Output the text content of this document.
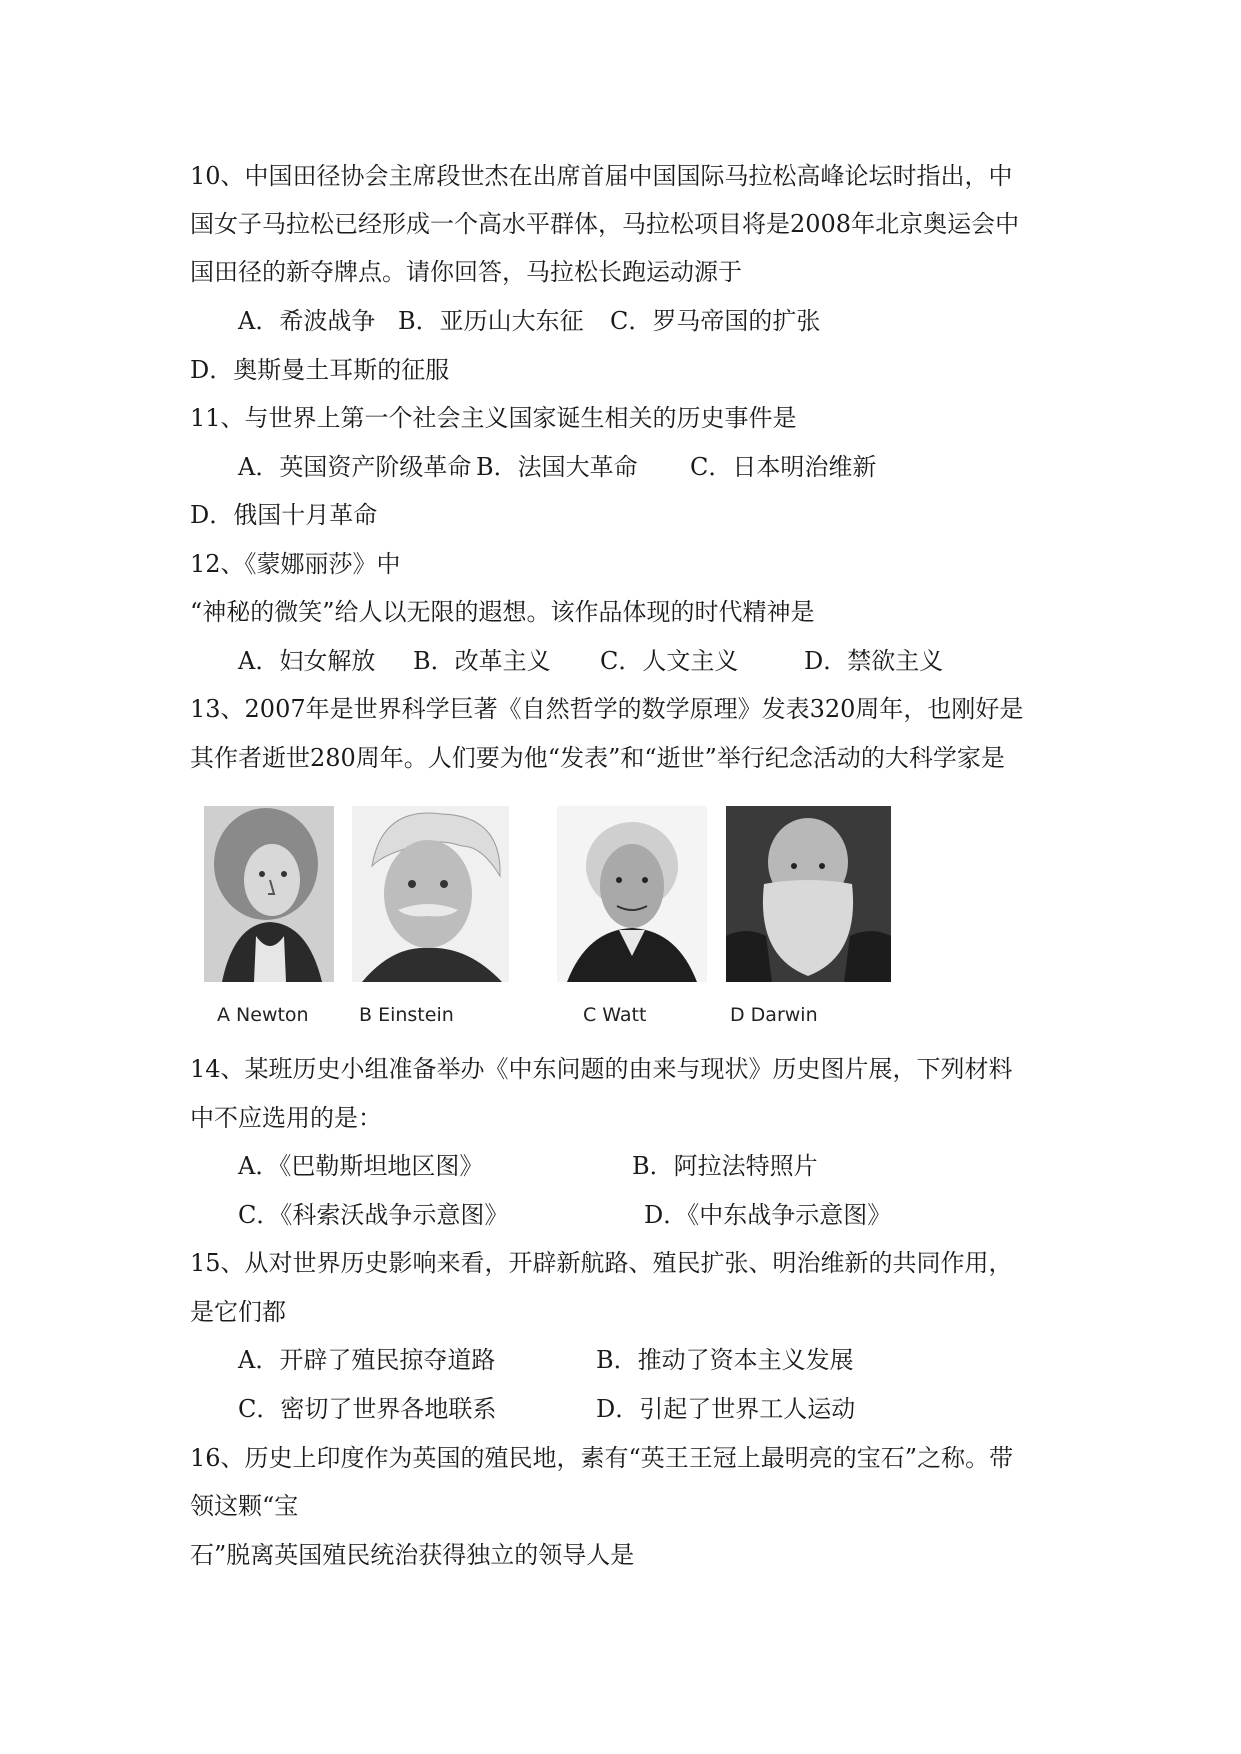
10、中国田径协会主席段世杰在出席首届中国国际马拉松高峰论坛时指出，中
国女子马拉松已经形成一个高水平群体，马拉松项目将是2008年北京奥运会中
国田径的新夺牌点。请你回答，马拉松长跑运动源于
A．希波战争 B．亚历山大东征 C．罗马帝国的扩张
D．奥斯曼土耳斯的征服
11、与世界上第一个社会主义国家诞生相关的历史事件是
A．英国资产阶级革命 B．法国大革命 C．日本明治维新
D．俄国十月革命
12、《蒙娜丽莎》中
“神秘的微笑”给人以无限的遐想。该作品体现的时代精神是
A．妇女解放 B．改革主义 C．人文主义	D．禁欲主义
13、2007年是世界科学巨著《自然哲学的数学原理》发表320周年，也刚好是
其作者逝世280周年。人们要为他“发表”和“逝世”举行纪念活动的大科学家是
A Newton	B Einstein	C Watt	D Darwin
14、某班历史小组准备举办《中东问题的由来与现状》历史图片展，下列材料
中不应选用的是：
A．《巴勒斯坦地区图》	B．阿拉法特照片
C．《科索沃战争示意图》	D．《中东战争示意图》
15、从对世界历史影响来看，开辟新航路、殖民扩张、明治维新的共同作用，
是它们都
A．开辟了殖民掠夺道路	B．推动了资本主义发展
C．密切了世界各地联系	D．引起了世界工人运动
16、历史上印度作为英国的殖民地，素有“英王王冠上最明亮的宝石”之称。带
领这颗“宝
石”脱离英国殖民统治获得独立的领导人是
